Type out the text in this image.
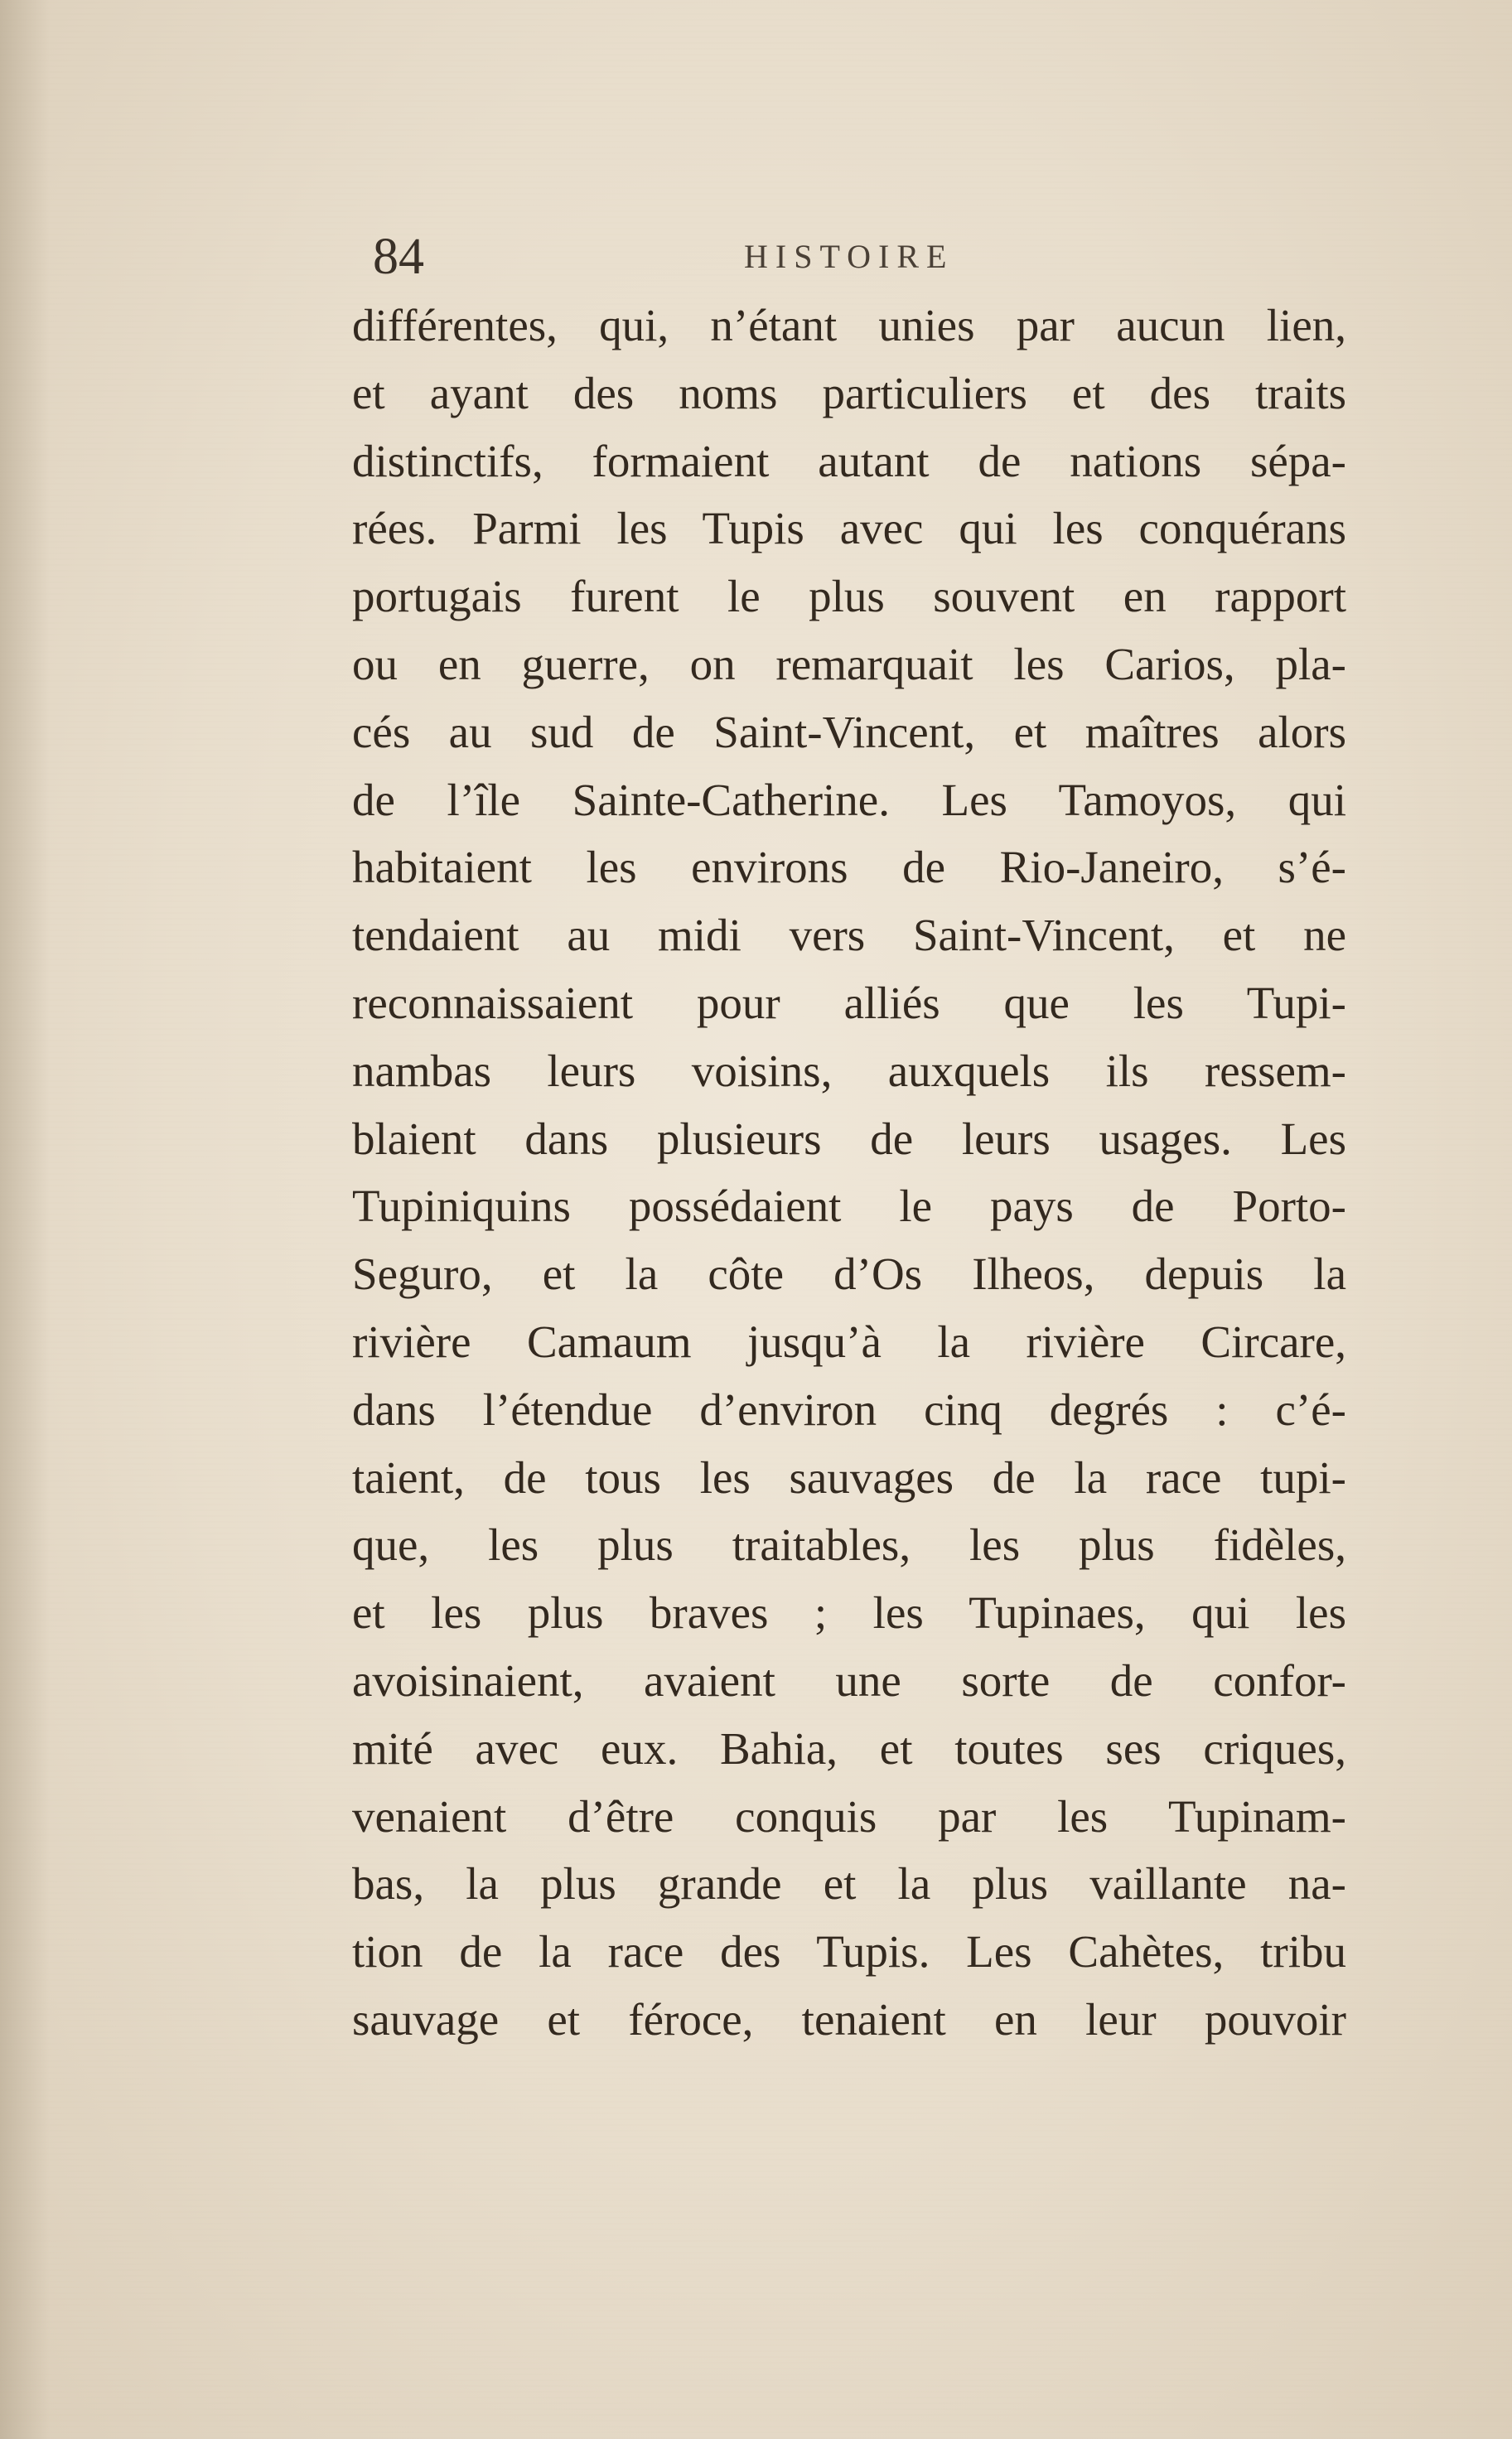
84	HISTOIRE
différentes, qui, n’étant unies par aucun lien,
et ayant des noms particuliers et des traits
distinctifs, formaient autant de nations sépa-
rées. Parmi les Tupis avec qui les conquérans
portugais furent le plus souvent en rapport
ou en guerre, on remarquait les Carios, pla-
cés au sud de Saint-Vincent, et maîtres alors
de l’île Sainte-Catherine. Les Tamoyos, qui
habitaient les environs de Rio-Janeiro, s’é-
tendaient au midi vers Saint-Vincent, et ne
reconnaissaient pour alliés que les Tupi-
nambas leurs voisins, auxquels ils ressem-
blaient dans plusieurs de leurs usages. Les
Tupiniquins possédaient le pays de Porto-
Seguro, et la côte d’Os Ilheos, depuis la
rivière Camaum jusqu’à la rivière Circare,
dans l’étendue d’environ cinq degrés : c’é-
taient, de tous les sauvages de la race tupi-
que, les plus traitables, les plus fidèles,
et les plus braves ; les Tupinaes, qui les
avoisinaient, avaient une sorte de confor-
mité avec eux. Bahia, et toutes ses criques,
venaient d’être conquis par les Tupinam-
bas, la plus grande et la plus vaillante na-
tion de la race des Tupis. Les Cahètes, tribu
sauvage et féroce, tenaient en leur pouvoir
